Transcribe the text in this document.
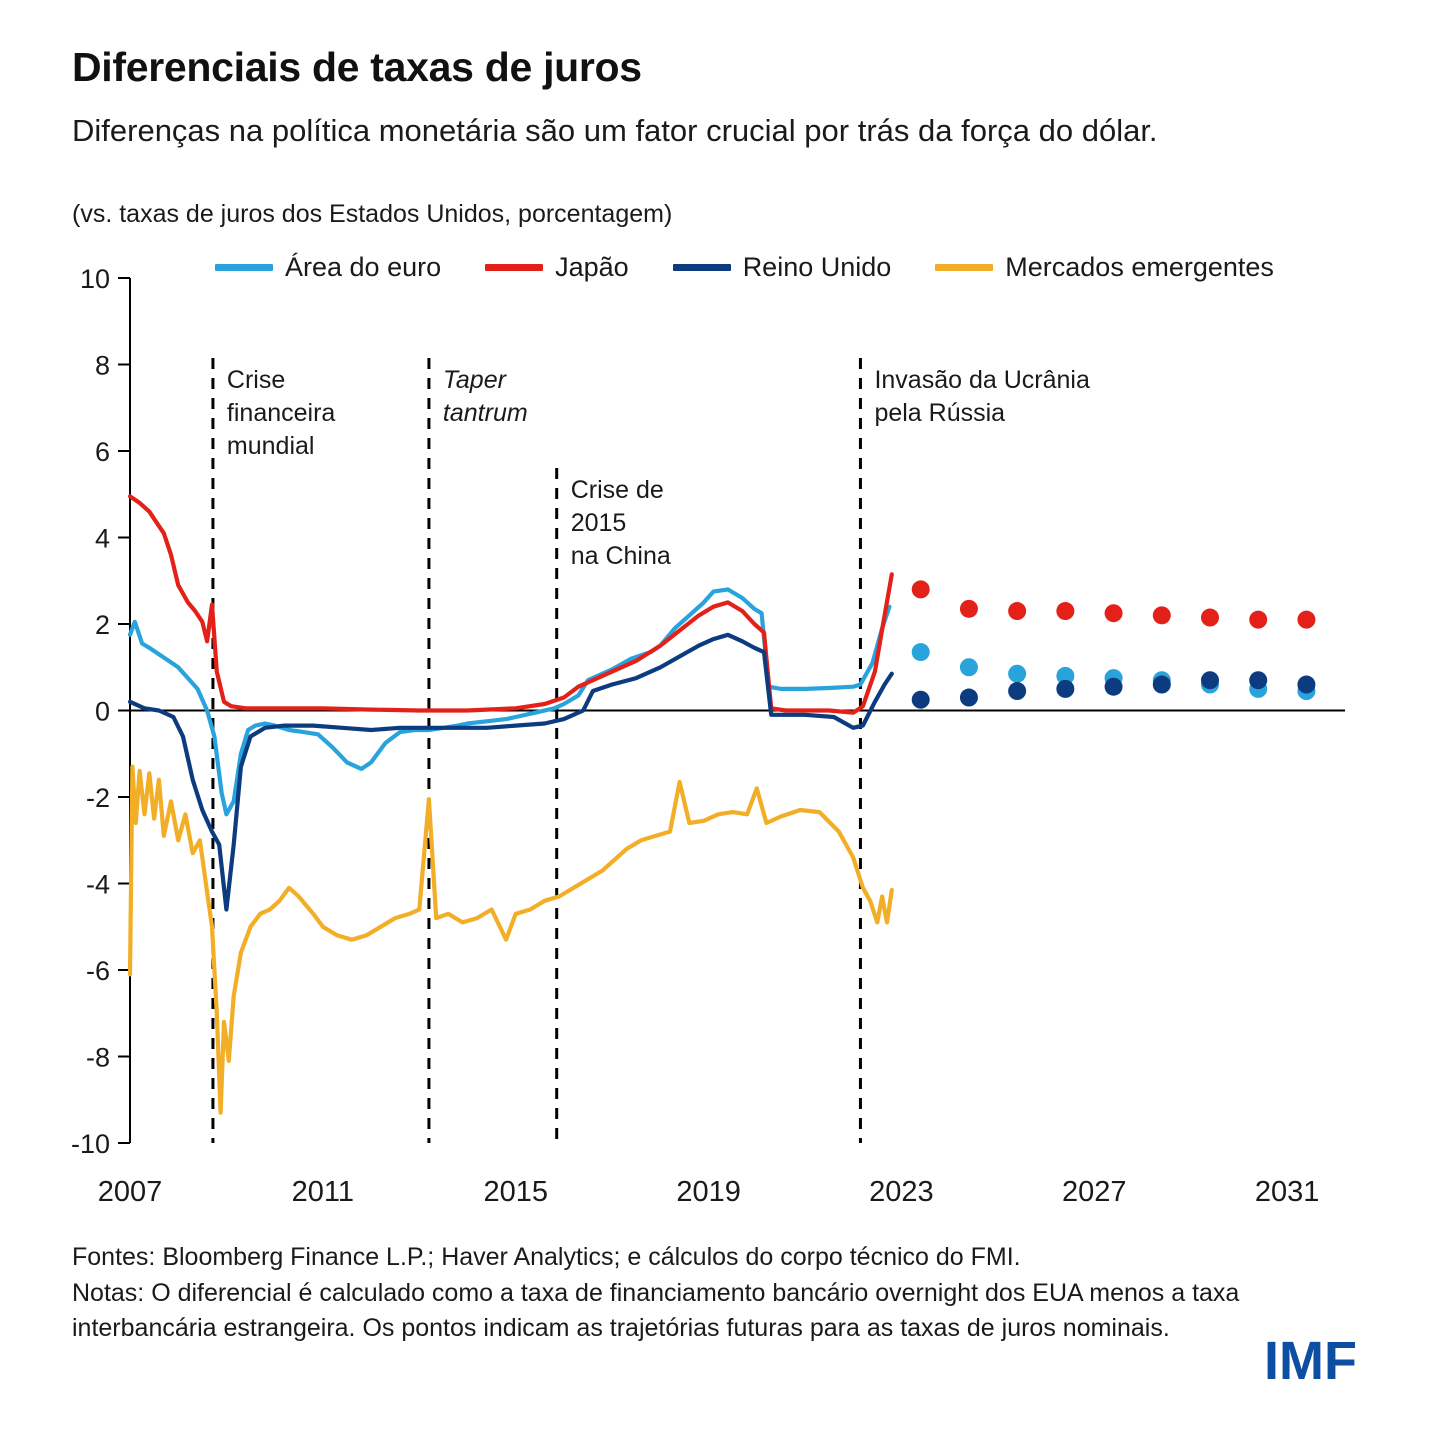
Diferenciais de taxas de juros
Diferenças na política monetária são um fator crucial por trás da força do dólar.
(vs. taxas de juros dos Estados Unidos, porcentagem)
Área do euro	Japão	Reino Unido	Mercados emergentes
10
8
6
4
2
0
-2
-4
-6
-8
-10
2007	2011	2015	2019	2023	2027	2031
Crise
financeira
mundial
Taper
tantrum
Crise de
2015
na China
Invasão da Ucrânia
pela Rússia
Fontes: Bloomberg Finance L.P.; Haver Analytics; e cálculos do corpo técnico do FMI.
Notas: O diferencial é calculado como a taxa de financiamento bancário overnight dos EUA menos a taxa interbancária estrangeira. Os pontos indicam as trajetórias futuras para as taxas de juros nominais.
IMF
